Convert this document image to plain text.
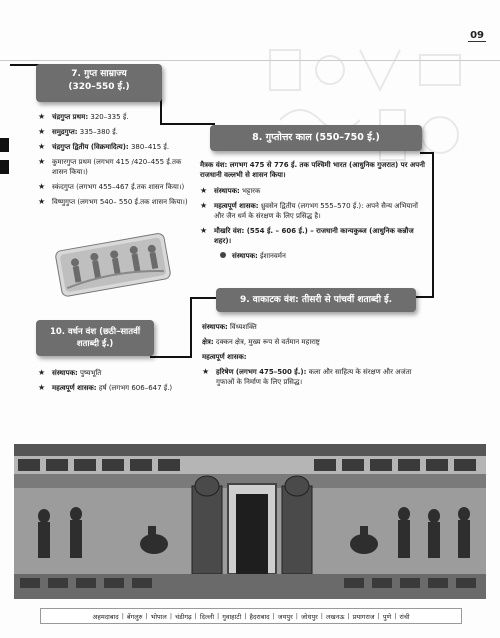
09
7. गुप्त साम्राज्य
(320–550 ई.)
★ चंद्रगुप्त प्रथम: 320–335 ई.
★ समुद्रगुप्त: 335–380 ई.
★ चंद्रगुप्त द्वितीय (विक्रमादित्य): 380–415 ई.
★ कुमारगुप्त प्रथम (लगभग 415 /420–455 ई.तक शासन किया।)
★ स्कंदगुप्त (लगभग 455–467 ई.तक शासन किया।)
★ विष्णुगुप्त (लगभग 540– 550 ई.तक शासन किया।)
8. गुप्तोत्तर काल (550–750 ई.)

मैत्रक वंश: लगभग 475 से 776 ई. तक पश्चिमी भारत (आधुनिक गुजरात) पर अपनी राजधानी वल्लभी से शासन किया।

★ संस्थापक: भट्टारक
★ महत्वपूर्ण शासक: ध्रुवसेन द्वितीय (लगभग 555–570 ई.): अपने सैन्य अभियानों और जैन धर्म के संरक्षण के लिए प्रसिद्ध है।
★ मौखरि वंश: (554 ई. – 606 ई.) – राजधानी कान्यकुब्ज (आधुनिक कन्नौज शहर)।
संस्थापक: ईशानवर्मन
9. वाकाटक वंश: तीसरी से पांचवीं शताब्दी ई.

संस्थापक: विंध्यशक्ति

क्षेत्र: दक्कन क्षेत्र, मुख्य रूप से वर्तमान महाराष्ट्र

महत्वपूर्ण शासक:

★ हरिषेण (लगभग 475–500 ई.): कला और साहित्य के संरक्षण और अजंता गुफाओं के निर्माण के लिए प्रसिद्ध।
10. वर्धन वंश (छठी–सातवीं
शताब्दी ई.)
★ संस्थापक: पुष्यभूति
★ महत्वपूर्ण शासक: हर्ष (लगभग 606–647 ई.)
अहमदाबाद | बेंगलुरु | भोपाल | चंडीगढ़ | दिल्ली | गुवाहाटी | हैदराबाद | जयपुर | जोधपुर | लखनऊ | प्रयागराज | पुणे | रांची
